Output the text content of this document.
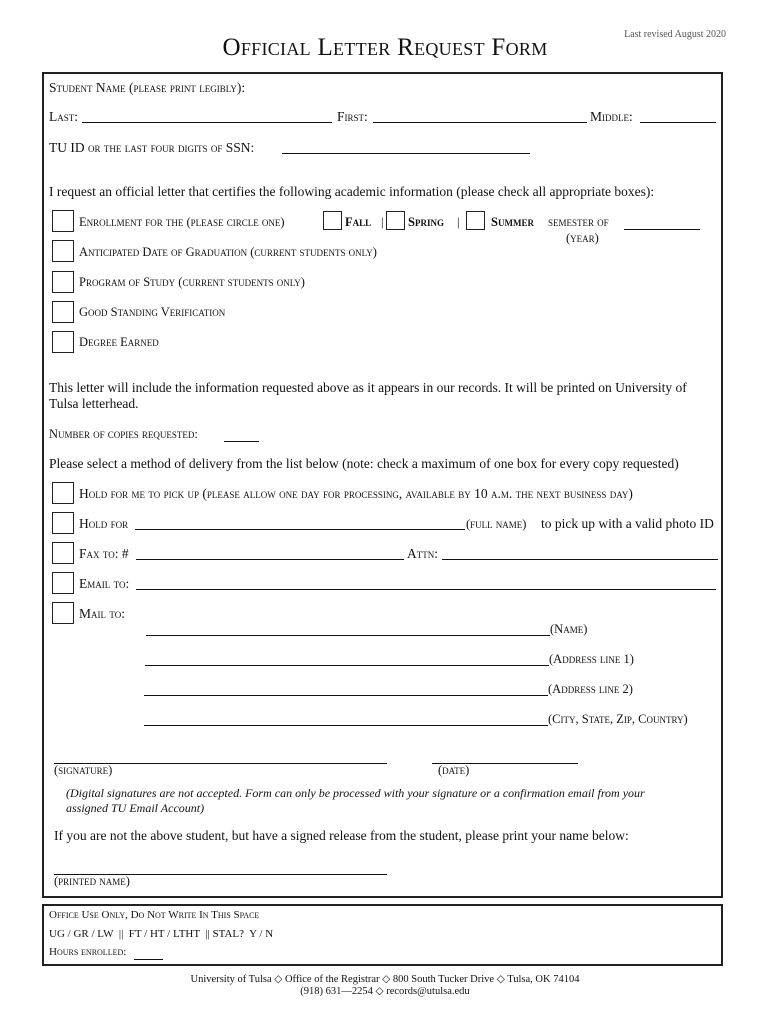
Last revised August 2020
Official Letter Request Form
Student Name (please print legibly):
Last:	First:	Middle:
TU ID or the last four digits of SSN:
I request an official letter that certifies the following academic information (please check all appropriate boxes):
Enrollment for the (please circle one)	Fall | Spring |	Summer semester of
(year)
Anticipated Date of Graduation (current students only)
Program of Study (current students only)
Good Standing Verification
Degree Earned
This letter will include the information requested above as it appears in our records. It will be printed on University of Tulsa letterhead.
Number of copies requested:
Please select a method of delivery from the list below (note: check a maximum of one box for every copy requested)
Hold for me to pick up (please allow one day for processing, available by 10 a.m. the next business day)
Hold for	(full name) to pick up with a valid photo ID
Fax to: #	Attn:
Email to:
Mail to:
(Name)
(Address line 1)
(Address line 2)
(City, State, Zip, Country)
(signature)	(date)
(Digital signatures are not accepted. Form can only be processed with your signature or a confirmation email from your assigned TU Email Account)
If you are not the above student, but have a signed release from the student, please print your name below:
(printed name)
Office Use Only, Do Not Write In This Space
UG / GR / LW  ||  FT / HT / LTHT  || STAL?  Y / N
Hours enrolled:
University of Tulsa ◇ Office of the Registrar ◇ 800 South Tucker Drive ◇ Tulsa, OK 74104
(918) 631—2254 ◇ records@utulsa.edu
